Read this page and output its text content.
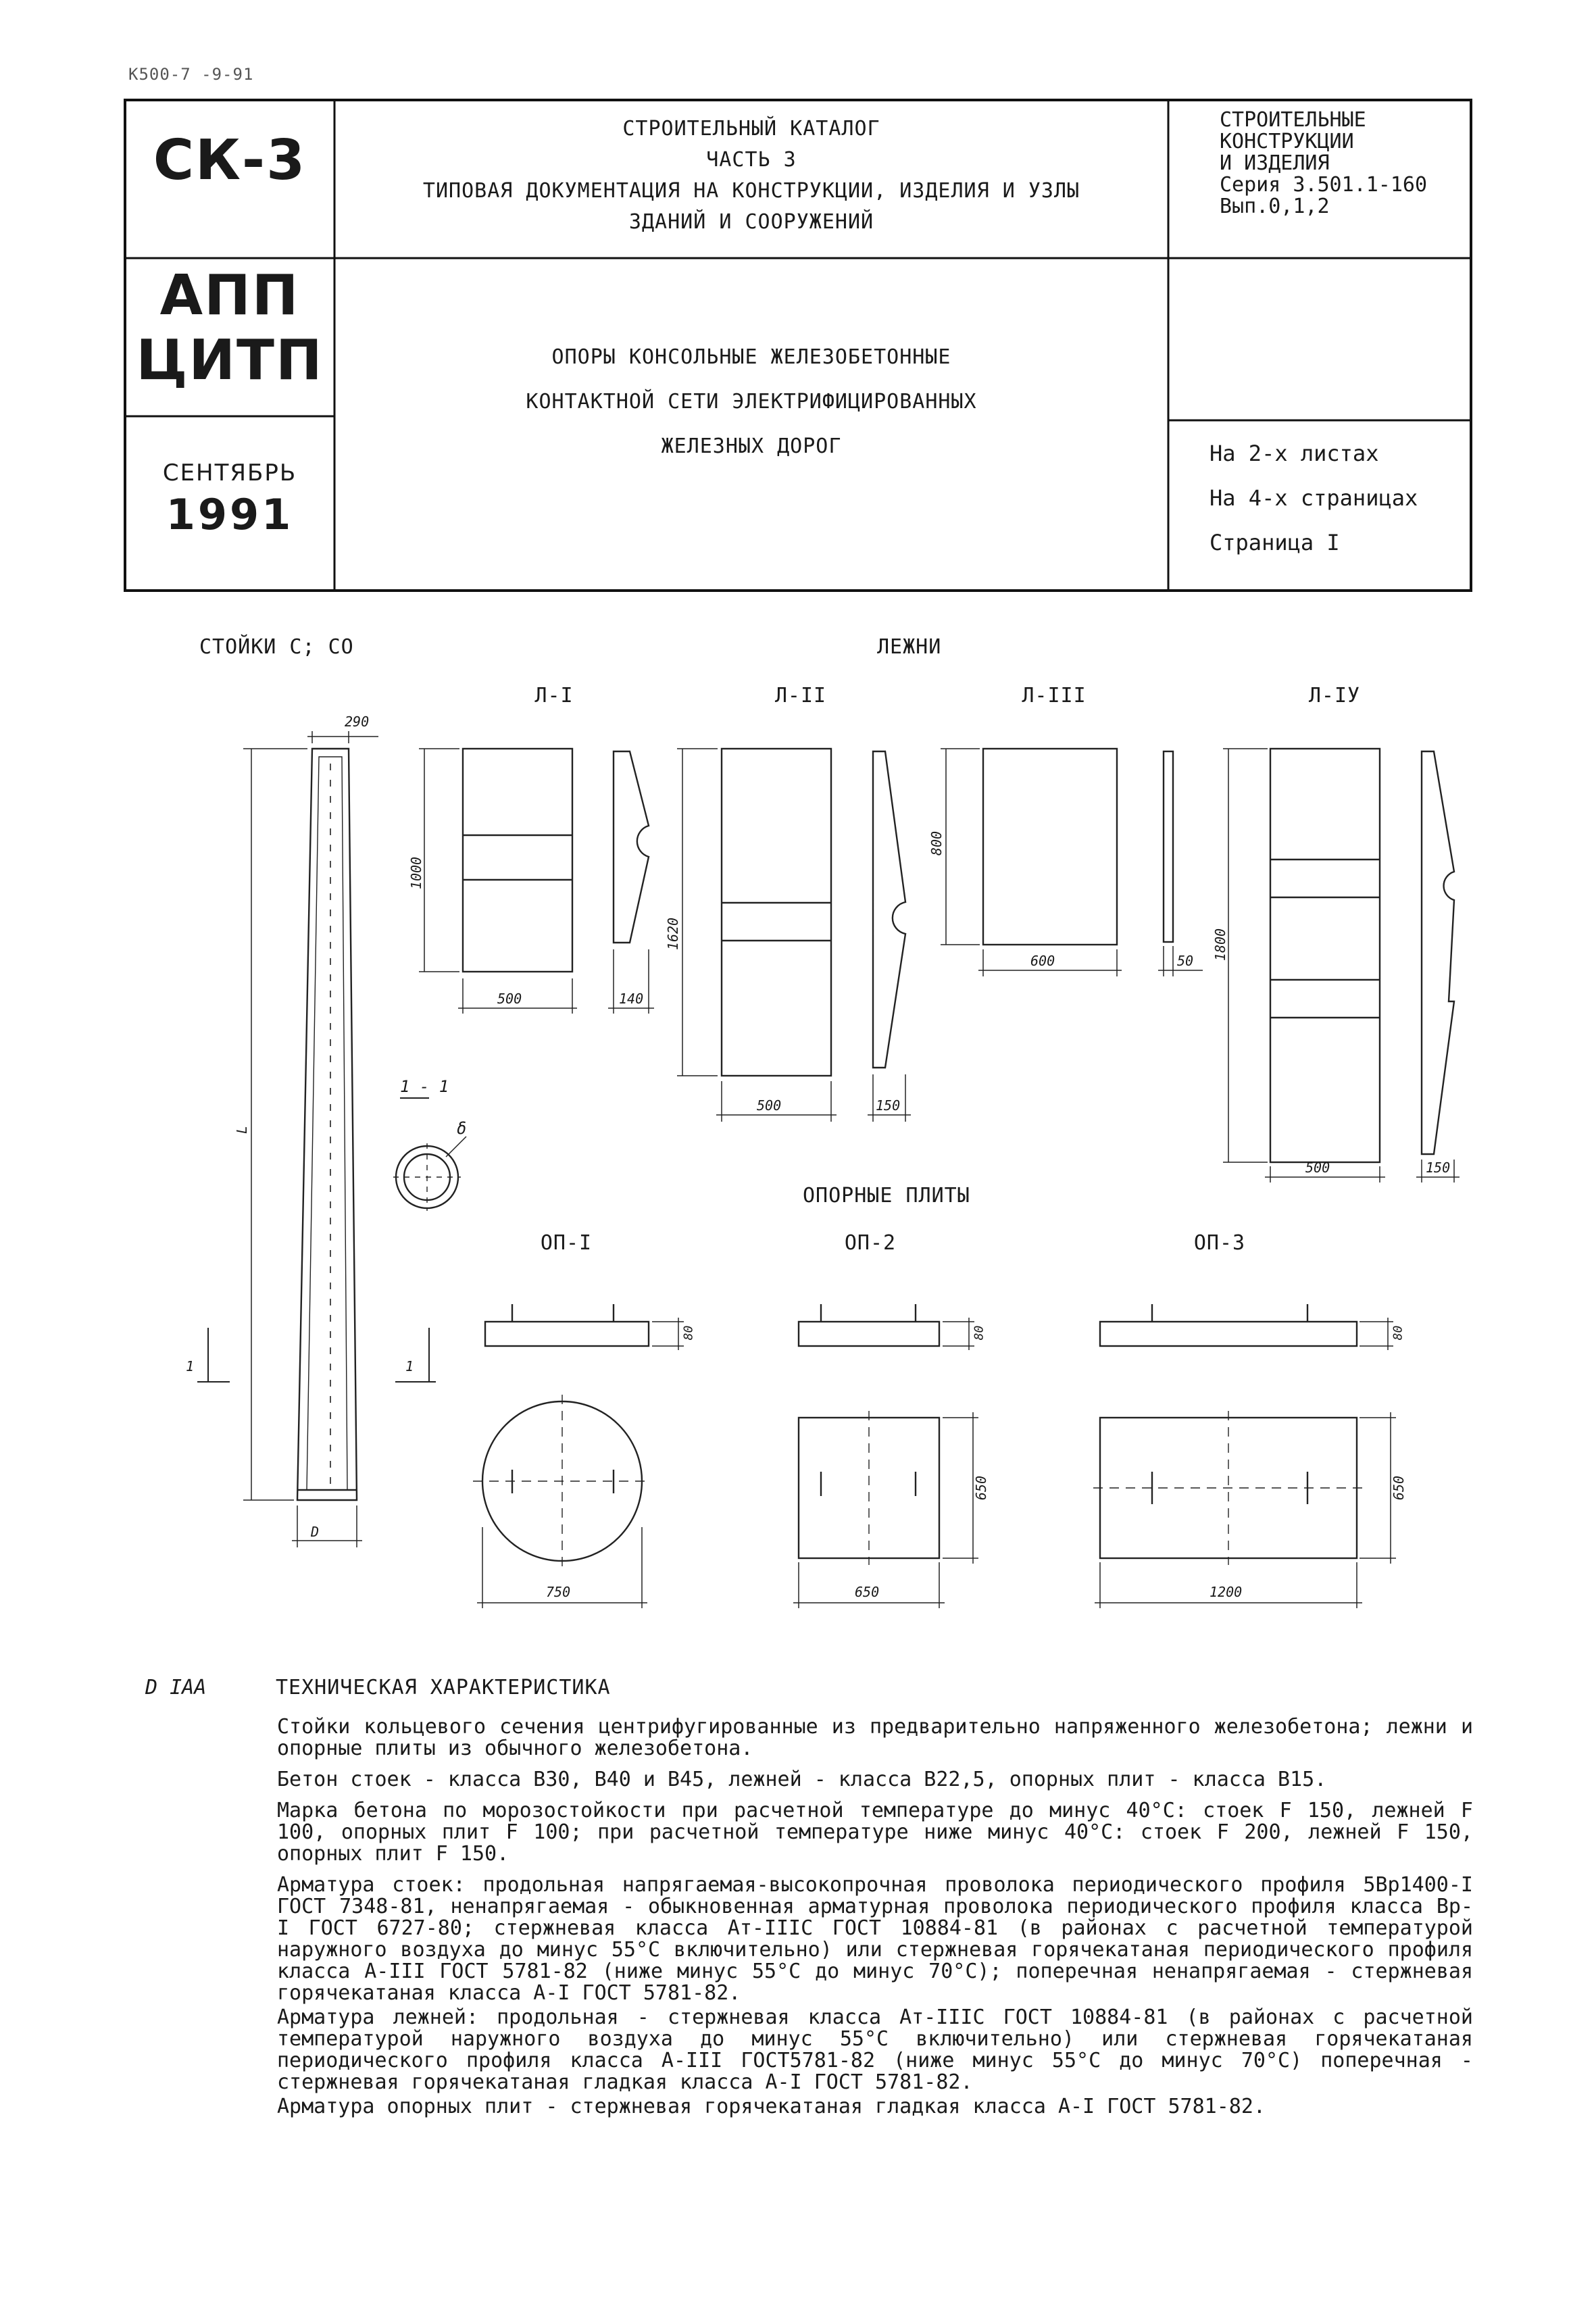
К500-7 -9-91
СК-3
АПП
ЦИТП
СЕНТЯБРЬ
1991
СТРОИТЕЛЬНЫЙ КАТАЛОГ
ЧАСТЬ 3
ТИПОВАЯ ДОКУМЕНТАЦИЯ НА КОНСТРУКЦИИ, ИЗДЕЛИЯ И УЗЛЫ
ЗДАНИЙ И СООРУЖЕНИЙ
СТРОИТЕЛЬНЫЕ
КОНСТРУКЦИИ
И ИЗДЕЛИЯ
Серия 3.501.1-160
Вып.0,1,2
ОПОРЫ КОНСОЛЬНЫЕ ЖЕЛЕЗОБЕТОННЫЕ
КОНТАКТНОЙ СЕТИ ЭЛЕКТРИФИЦИРОВАННЫХ
ЖЕЛЕЗНЫХ ДОРОГ	На 2-х листах
На 4-х страницах
Страница I
СТОЙКИ С; СО	ЛЕЖНИ
Л-I	Л-II	Л-III	Л-IУ
ОПОРНЫЕ ПЛИТЫ
ОП-I	ОП-2	ОП-3
290
L
D
1	1
1 - 1
δ
1000
500	140
1620
500	150
800
600	50 1800
500	150
80
750
80
650
650
80
650
1200
D IAA	ТЕХНИЧЕСКАЯ ХАРАКТЕРИСТИКА
Стойки кольцевого сечения центрифугированные из предварительно напряженного железобетона; лежни и опорные плиты из обычного железобетона.
Бетон стоек - класса В30, В40 и В45, лежней - класса В22,5, опорных плит - класса В15.
Марка бетона по морозостойкости при расчетной температуре до минус 40°С: стоек F 150, лежней F 100, опорных плит F 100; при расчетной температуре ниже минус 40°С: стоек F 200, лежней F 150, опорных плит F 150.
Арматура стоек: продольная напрягаемая-высокопрочная проволока периодического профиля 5Вр1400-I ГОСТ 7348-81, ненапрягаемая - обыкновенная арматурная проволока периодического профиля класса Вр-I ГОСТ 6727-80; стержневая класса Ат-IIIС ГОСТ 10884-81 (в районах с расчетной температурой наружного воздуха до минус 55°С включительно) или стержневая горячекатаная периодического профиля класса А-III ГОСТ 5781-82 (ниже минус 55°С до минус 70°С); поперечная ненапрягаемая - стержневая горячекатаная класса А-I ГОСТ 5781-82.
Арматура лежней: продольная - стержневая класса Ат-IIIС ГОСТ 10884-81 (в районах с расчетной температурой наружного воздуха до минус 55°С включительно) или стержневая горячекатаная периодического профиля класса А-III ГОСТ5781-82 (ниже минус 55°С до минус 70°С) поперечная - стержневая горячекатаная гладкая класса А-I ГОСТ 5781-82.
Арматура опорных плит - стержневая горячекатаная гладкая класса А-I ГОСТ 5781-82.
